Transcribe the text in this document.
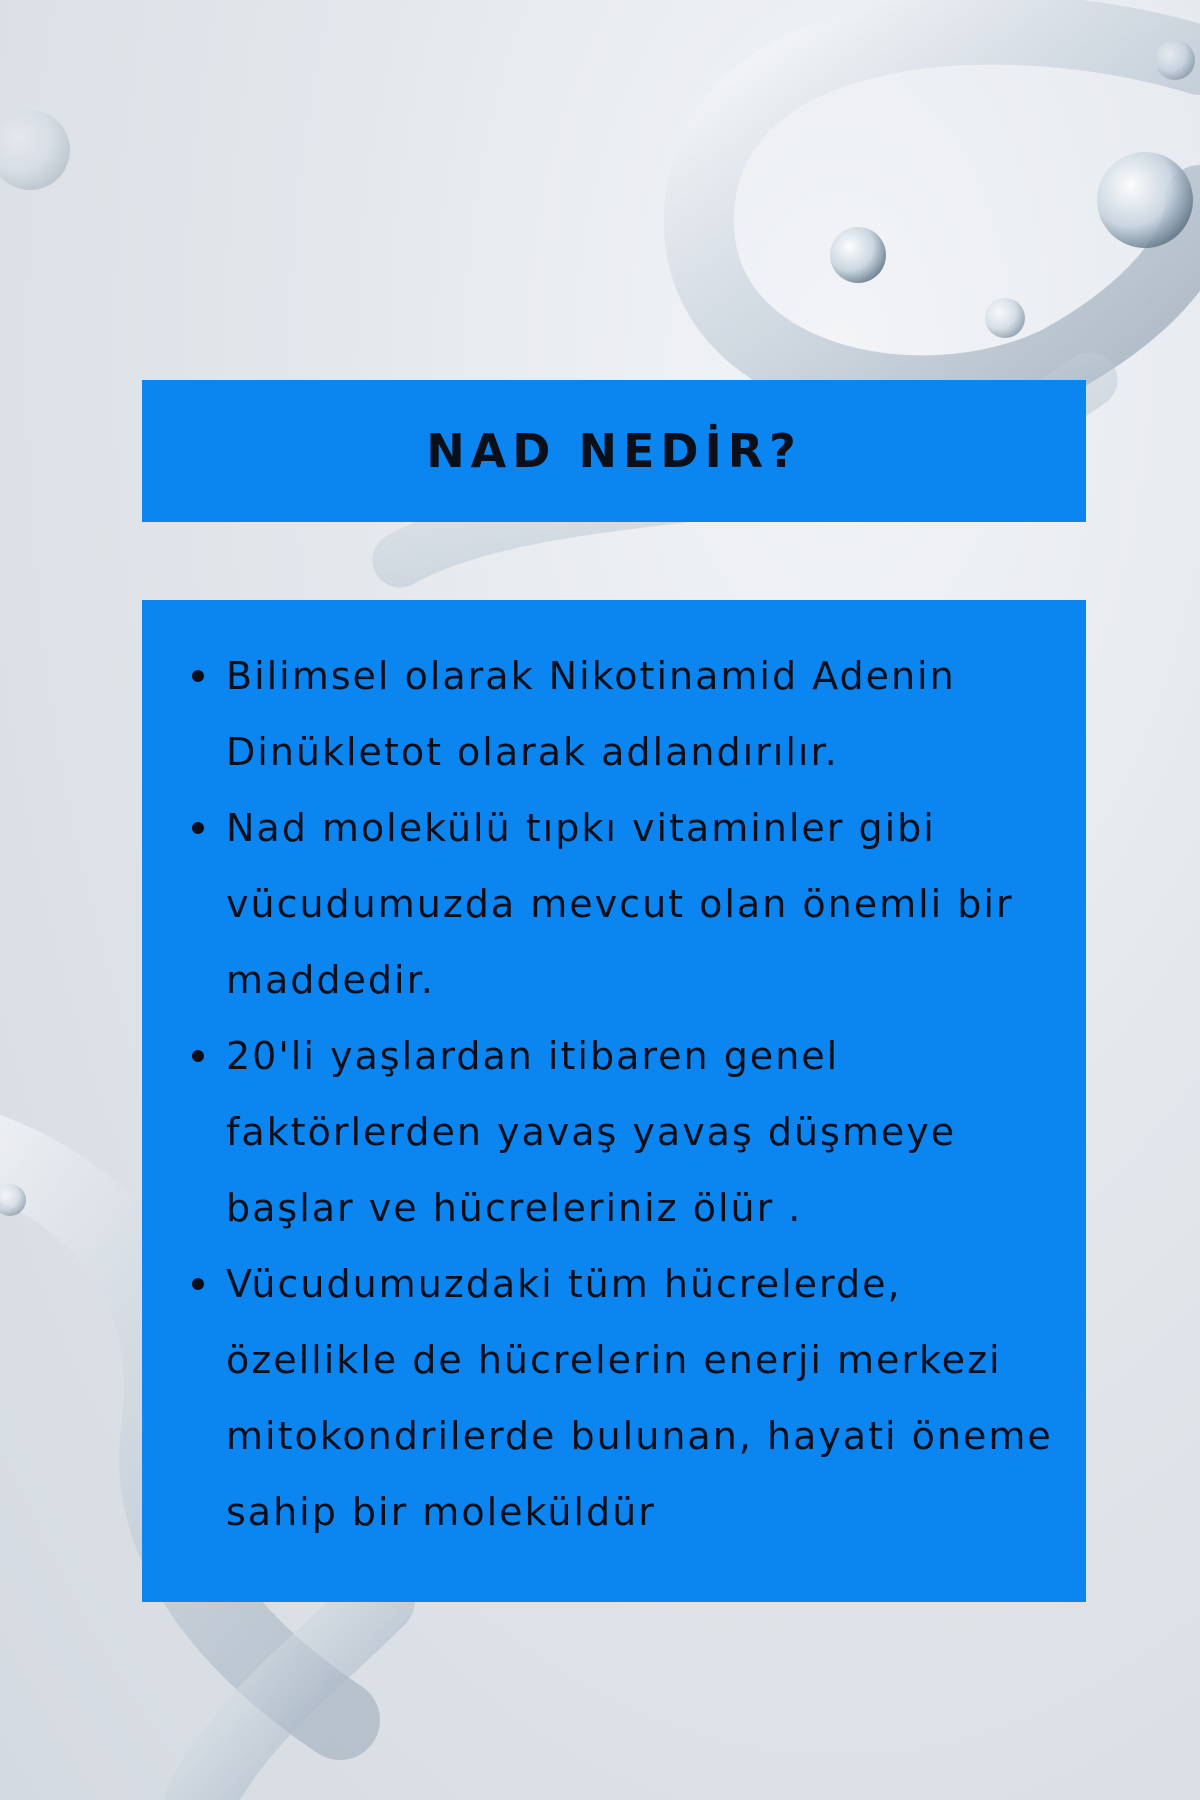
NAD NEDİR?
Bilimsel olarak Nikotinamid Adenin Dinükletot olarak adlandırılır.
Nad molekülü tıpkı vitaminler gibi vücudumuzda mevcut olan önemli bir maddedir.
20'li yaşlardan itibaren genel faktörlerden yavaş yavaş düşmeye başlar ve hücreleriniz ölür .
Vücudumuzdaki tüm hücrelerde, özellikle de hücrelerin enerji merkezi mitokondrilerde bulunan, hayati öneme sahip bir moleküldür
